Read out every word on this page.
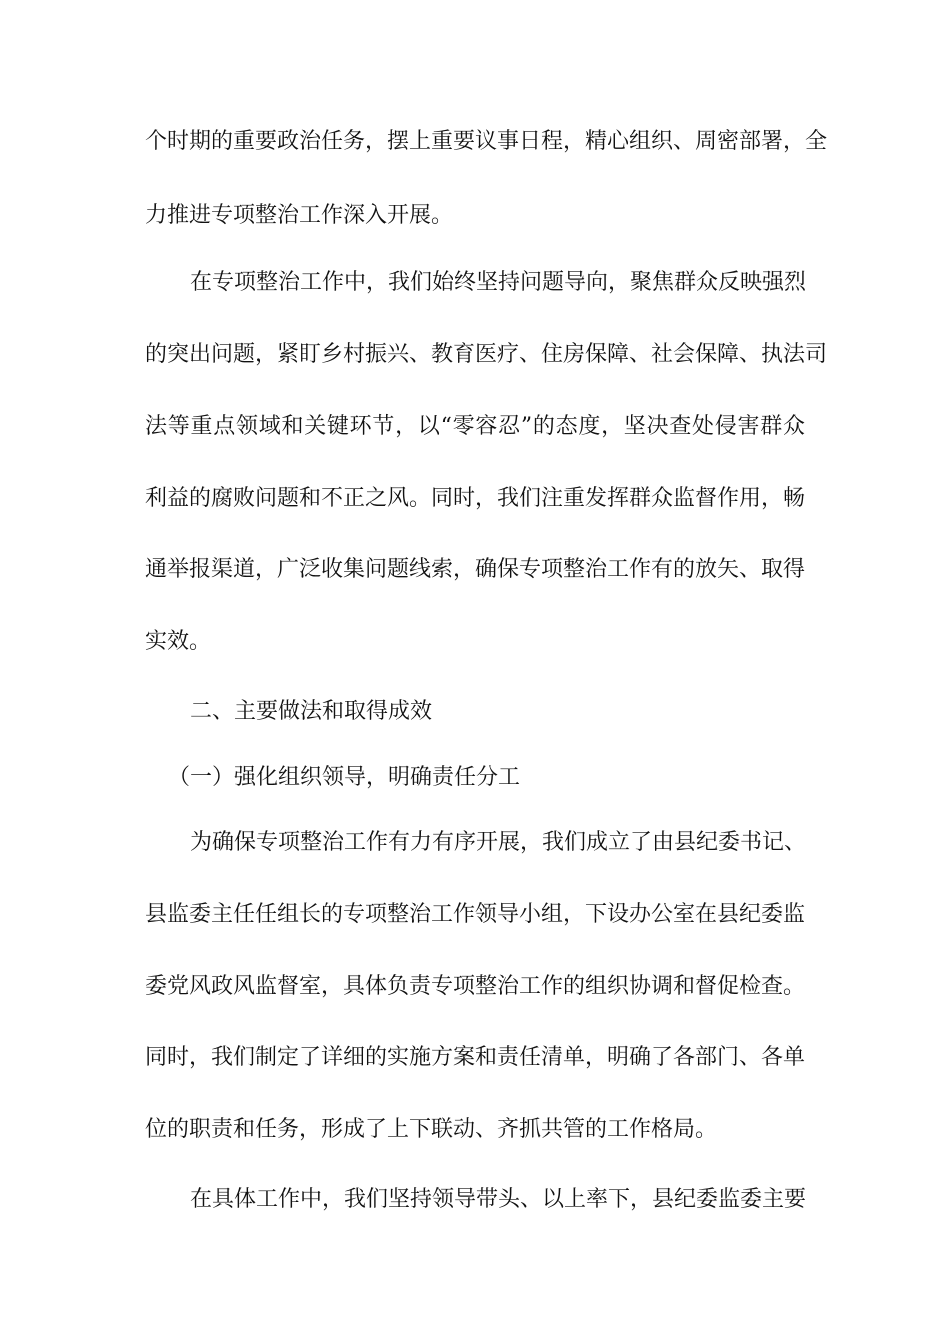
个时期的重要政治任务，摆上重要议事日程，精心组织、周密部署，全
力推进专项整治工作深入开展。
在专项整治工作中，我们始终坚持问题导向，聚焦群众反映强烈
的突出问题，紧盯乡村振兴、教育医疗、住房保障、社会保障、执法司
法等重点领域和关键环节，以“零容忍”的态度，坚决查处侵害群众
利益的腐败问题和不正之风。同时，我们注重发挥群众监督作用，畅
通举报渠道，广泛收集问题线索，确保专项整治工作有的放矢、取得
实效。
二、主要做法和取得成效
（一）强化组织领导，明确责任分工
为确保专项整治工作有力有序开展，我们成立了由县纪委书记、
县监委主任任组长的专项整治工作领导小组，下设办公室在县纪委监
委党风政风监督室，具体负责专项整治工作的组织协调和督促检查。
同时，我们制定了详细的实施方案和责任清单，明确了各部门、各单
位的职责和任务，形成了上下联动、齐抓共管的工作格局。
在具体工作中，我们坚持领导带头、以上率下，县纪委监委主要
